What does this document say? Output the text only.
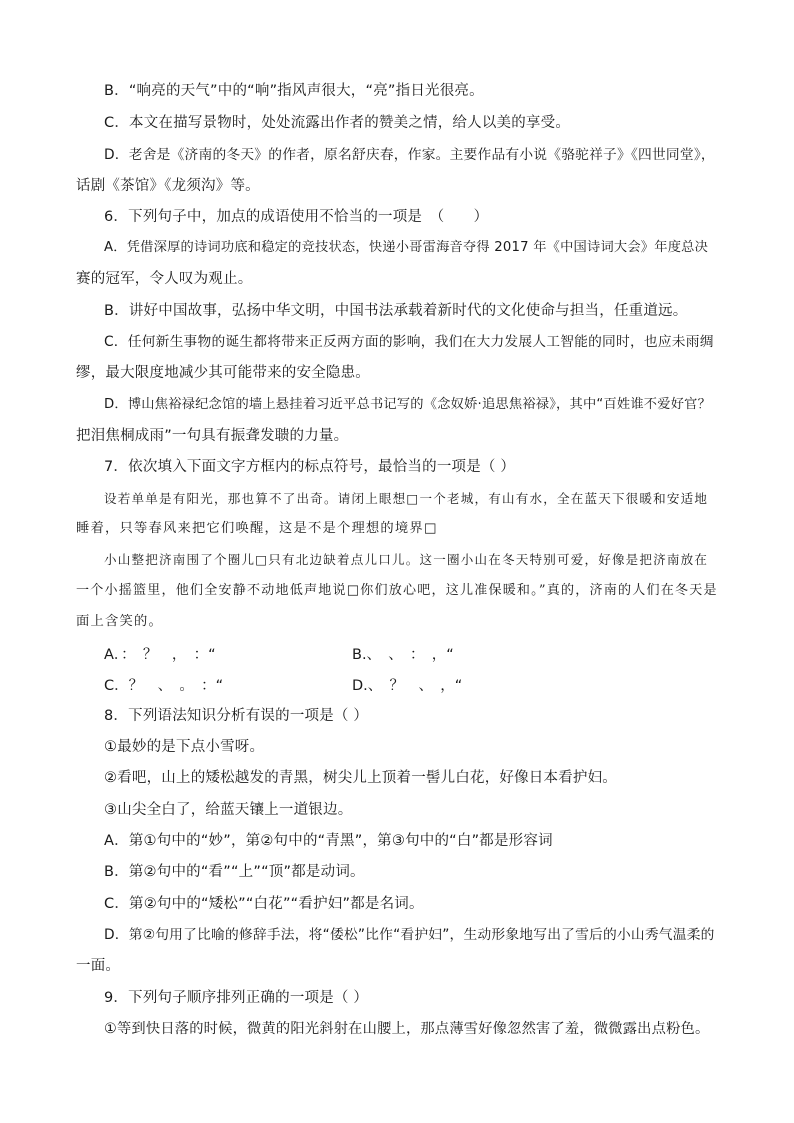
B．“响亮的天气”中的“响”指风声很大，“亮”指日光很亮。
C．本文在描写景物时，处处流露出作者的赞美之情，给人以美的享受。
D．老舍是《济南的冬天》的作者，原名舒庆春，作家。主要作品有小说《骆驼祥子》《四世同堂》，
话剧《茶馆》《龙须沟》等。
6．下列句子中，加点的成语使用不恰当的一项是　（　　）
A．凭借深厚的诗词功底和稳定的竞技状态，快递小哥雷海音夺得 2017 年《中国诗词大会》年度总决
赛的冠军，令人叹为观止。
B．讲好中国故事，弘扬中华文明，中国书法承载着新时代的文化使命与担当，任重道远。
C．任何新生事物的诞生都将带来正反两方面的影响，我们在大力发展人工智能的同时，也应未雨绸
缪，最大限度地减少其可能带来的安全隐患。
D．博山焦裕禄纪念馆的墙上悬挂着习近平总书记写的《念奴娇·追思焦裕禄》，其中“百姓谁不爱好官？
把泪焦桐成雨”一句具有振聋发聩的力量。
7．依次填入下面文字方框内的标点符号，最恰当的一项是（ ）
设若单单是有阳光，那也算不了出奇。请闭上眼想□一个老城，有山有水，全在蓝天下很暖和安适地
睡着，只等春风来把它们唤醒，这是不是个理想的境界□
小山整把济南围了个圈儿□只有北边缺着点儿口儿。这一圈小山在冬天特别可爱，好像是把济南放在
一个小摇篮里，他们全安静不动地低声地说□你们放心吧，这儿准保暖和。”真的，济南的人们在冬天是
面上含笑的。
A．：　？　，　：“	B.、　、　：　，“
C．？　、　。　：“	D.、　？　、　，“
8．下列语法知识分析有误的一项是（ ）
①最妙的是下点小雪呀。
②看吧，山上的矮松越发的青黑，树尖儿上顶着一髻儿白花，好像日本看护妇。
③山尖全白了，给蓝天镶上一道银边。
A．第①句中的“妙”，第②句中的“青黑”，第③句中的“白”都是形容词
B．第②句中的“看”“上”“顶”都是动词。
C．第②句中的“矮松”“白花”“看护妇”都是名词。
D．第②句用了比喻的修辞手法，将“倭松”比作“看护妇”，生动形象地写出了雪后的小山秀气温柔的
一面。
9．下列句子顺序排列正确的一项是（ ）
①等到快日落的时候，微黄的阳光斜射在山腰上，那点薄雪好像忽然害了羞，微微露出点粉色。
